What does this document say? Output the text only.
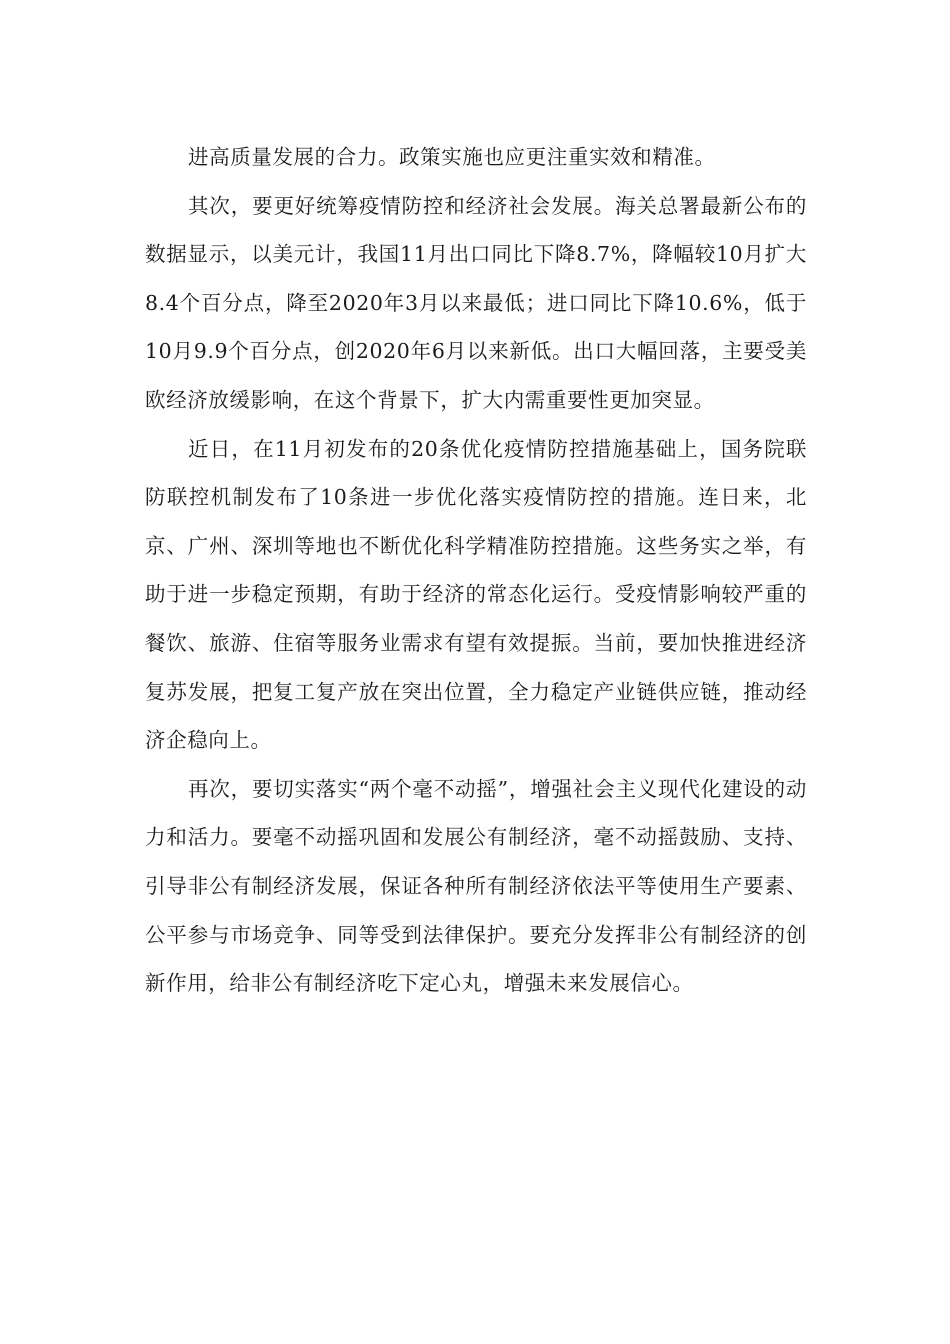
进高质量发展的合力。政策实施也应更注重实效和精准。

其次，要更好统筹疫情防控和经济社会发展。海关总署最新公布的数据显示，以美元计，我国11月出口同比下降8.7%，降幅较10月扩大8.4个百分点，降至2020年3月以来最低；进口同比下降10.6%，低于10月9.9个百分点，创2020年6月以来新低。出口大幅回落，主要受美欧经济放缓影响，在这个背景下，扩大内需重要性更加突显。

近日，在11月初发布的20条优化疫情防控措施基础上，国务院联防联控机制发布了10条进一步优化落实疫情防控的措施。连日来，北京、广州、深圳等地也不断优化科学精准防控措施。这些务实之举，有助于进一步稳定预期，有助于经济的常态化运行。受疫情影响较严重的餐饮、旅游、住宿等服务业需求有望有效提振。当前，要加快推进经济复苏发展，把复工复产放在突出位置，全力稳定产业链供应链，推动经济企稳向上。

再次，要切实落实“两个毫不动摇”，增强社会主义现代化建设的动力和活力。要毫不动摇巩固和发展公有制经济，毫不动摇鼓励、支持、引导非公有制经济发展，保证各种所有制经济依法平等使用生产要素、公平参与市场竞争、同等受到法律保护。要充分发挥非公有制经济的创新作用，给非公有制经济吃下定心丸，增强未来发展信心。
